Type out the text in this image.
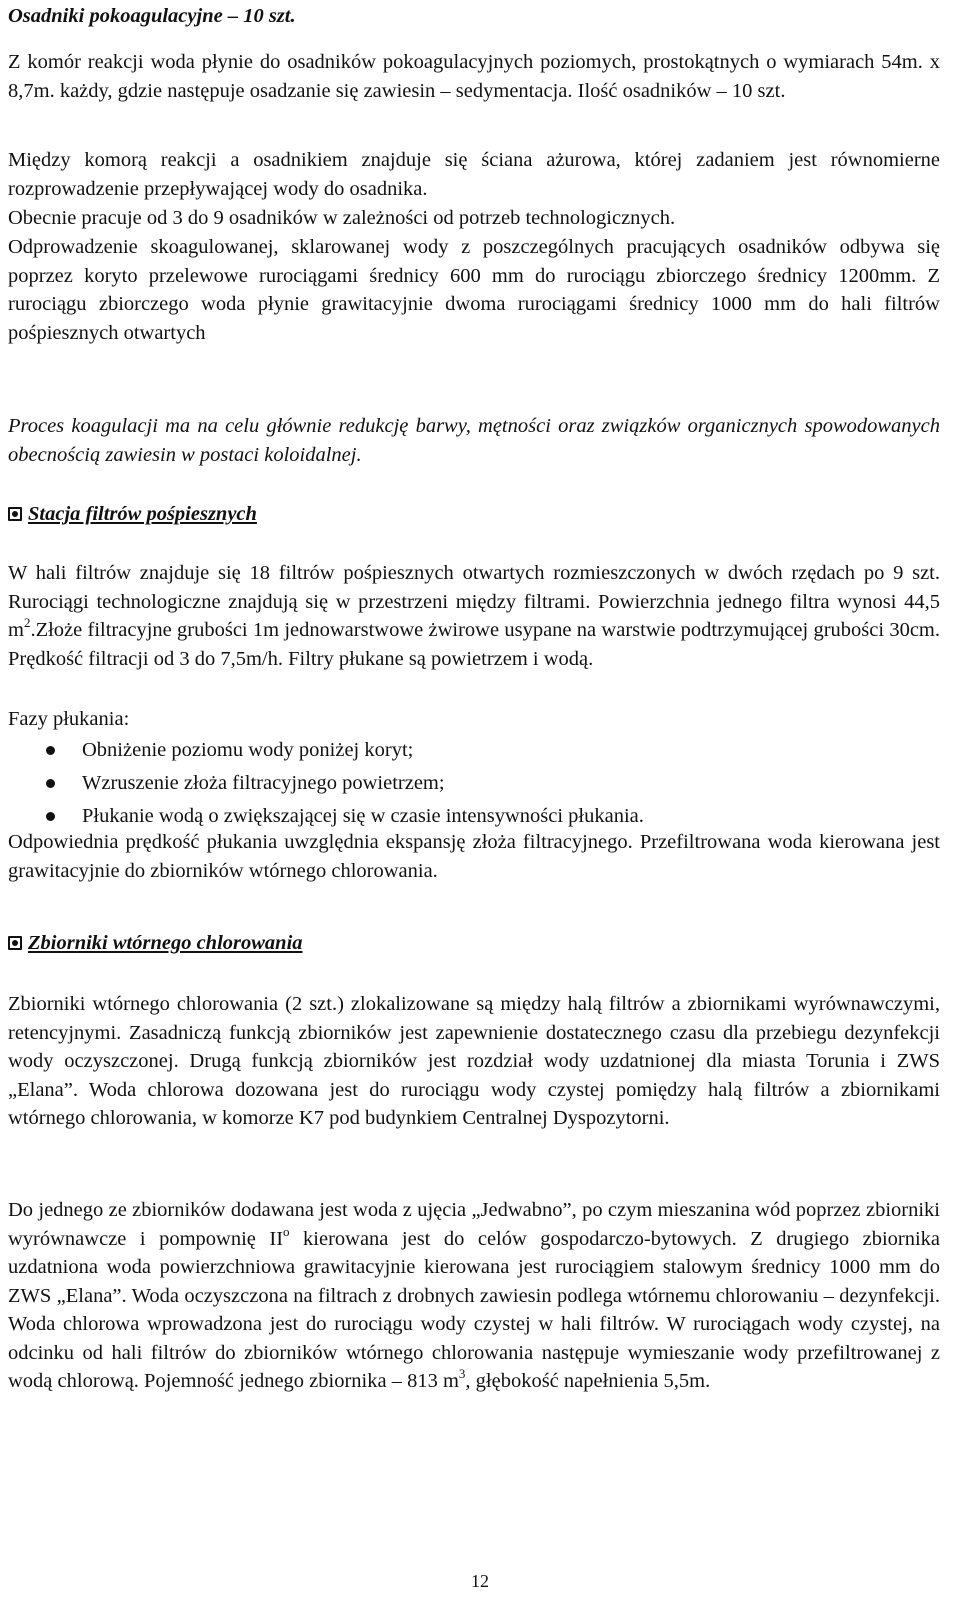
Osadniki pokoagulacyjne – 10 szt.

Z komór reakcji woda płynie do osadników pokoagulacyjnych poziomych, prostokątnych o wymiarach 54m. x 8,7m. każdy, gdzie następuje osadzanie się zawiesin – sedymentacja. Ilość osadników – 10 szt.

Między komorą reakcji a osadnikiem znajduje się ściana ażurowa, której zadaniem jest równomierne rozprowadzenie przepływającej wody do osadnika.

Obecnie pracuje od 3 do 9 osadników w zależności od potrzeb technologicznych.

Odprowadzenie skoagulowanej, sklarowanej wody z poszczególnych pracujących osadników odbywa się poprzez koryto przelewowe rurociągami średnicy 600 mm do rurociągu zbiorczego średnicy 1200mm. Z rurociągu zbiorczego woda płynie grawitacyjnie dwoma rurociągami średnicy 1000 mm do hali filtrów pośpiesznych otwartych

Proces koagulacji ma na celu głównie redukcję barwy, mętności oraz związków organicznych spowodowanych obecnością zawiesin w postaci koloidalnej.

Stacja filtrów pośpiesznych

W hali filtrów znajduje się 18 filtrów pośpiesznych otwartych rozmieszczonych w dwóch rzędach po 9 szt. Rurociągi technologiczne znajdują się w przestrzeni między filtrami. Powierzchnia jednego filtra wynosi 44,5 $m^2.Złoże$ filtracyjne grubości 1m jednowarstwowe żwirowe usypane na warstwie podtrzymującej grubości 30cm. Prędkość filtracji od 3 do 7,5m/h. Filtry płukane są powietrzem i wodą.

Fazy płukania:

Obniżenie poziomu wody poniżej koryt;
Wzruszenie złoża filtracyjnego powietrzem;
Płukanie wodą o zwiększającej się w czasie intensywności płukania.

Odpowiednia prędkość płukania uwzględnia ekspansję złoża filtracyjnego. Przefiltrowana woda kierowana jest grawitacyjnie do zbiorników wtórnego chlorowania.

Zbiorniki wtórnego chlorowania

Zbiorniki wtórnego chlorowania (2 szt.) zlokalizowane są między halą filtrów a zbiornikami wyrównawczymi, retencyjnymi. Zasadniczą funkcją zbiorników jest zapewnienie dostatecznego czasu dla przebiegu dezynfekcji wody oczyszczonej. Drugą funkcją zbiorników jest rozdział wody uzdatnionej dla miasta Torunia i ZWS „Elana”. Woda chlorowa dozowana jest do rurociągu wody czystej pomiędzy halą filtrów a zbiornikami wtórnego chlorowania, w komorze K7 pod budynkiem Centralnej Dyspozytorni.

Do jednego ze zbiorników dodawana jest woda z ujęcia „Jedwabno”, po czym mieszanina wód poprzez zbiorniki wyrównawcze i pompownię $II^o$ kierowana jest do celów gospodarczo-bytowych. Z drugiego zbiornika uzdatniona woda powierzchniowa grawitacyjnie kierowana jest rurociągiem stalowym średnicy 1000 mm do ZWS „Elana”. Woda oczyszczona na filtrach z drobnych zawiesin podlega wtórnemu chlorowaniu – dezynfekcji. Woda chlorowa wprowadzona jest do rurociągu wody czystej w hali filtrów. W rurociągach wody czystej, na odcinku od hali filtrów do zbiorników wtórnego chlorowania następuje wymieszanie wody przefiltrowanej z wodą chlorową. Pojemność jednego zbiornika – 813 $m^3$, głębokość napełnienia 5,5m.

12
